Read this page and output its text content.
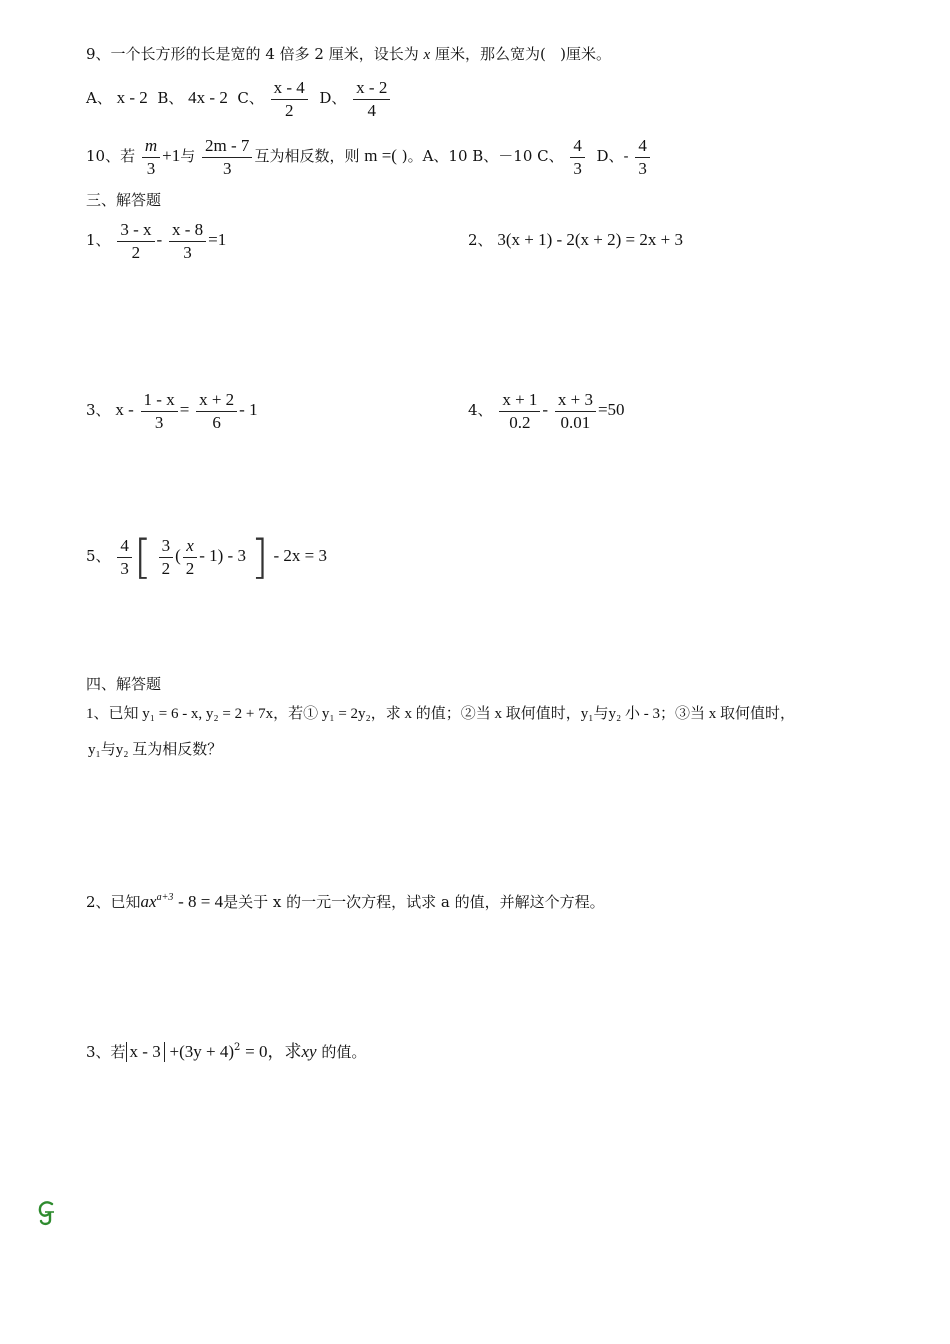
9、一个长方形的长是宽的 4 倍多 2 厘米，设长为 x 厘米，那么宽为( )厘米。
A、 x - 2 B、 4x - 2 C、 $\frac{x - 4}{2}$ D、 $\frac{x - 2}{4}$
10、若 $\frac{m}{3} +1$与 $\frac{2m - 7}{3}$ 互为相反数，则 m =( )。A、10 B、－10 C、 $\frac{4}{3}$ D、- $\frac{4}{3}$
三、解答题
1、 $\frac{3 - x}{2} - \frac{x - 8}{3} =1$	2、 3(x + 1) - 2(x + 2) = 2x + 3
3、 $x - \frac{1 - x}{3} = \frac{x + 2}{6} - 1$	4、 $\frac{x + 1}{0.2} - \frac{x + 3}{0.01} =50$
5、 $\frac{4}{3}$ [ $\frac{3}{2}$ ( $\frac{x}{2} - 1) - 3$ ] - 2x = 3
四、解答题
1、已知 y₁ = 6 - x, y₂ = 2 + 7x，若① y₁ = 2y₂，求 x 的值；②当 x 取何值时，y₁与y₂ 小 - 3；③当 x 取何值时，
y₁与y₂ 互为相反数？
2、已知$ax^{a+3} - 8 = 4$是关于 x 的一元一次方程，试求 a 的值，并解这个方程。
3、若 $x - 3 +(3y + 4)^2 = 0$，求xy 的值。
